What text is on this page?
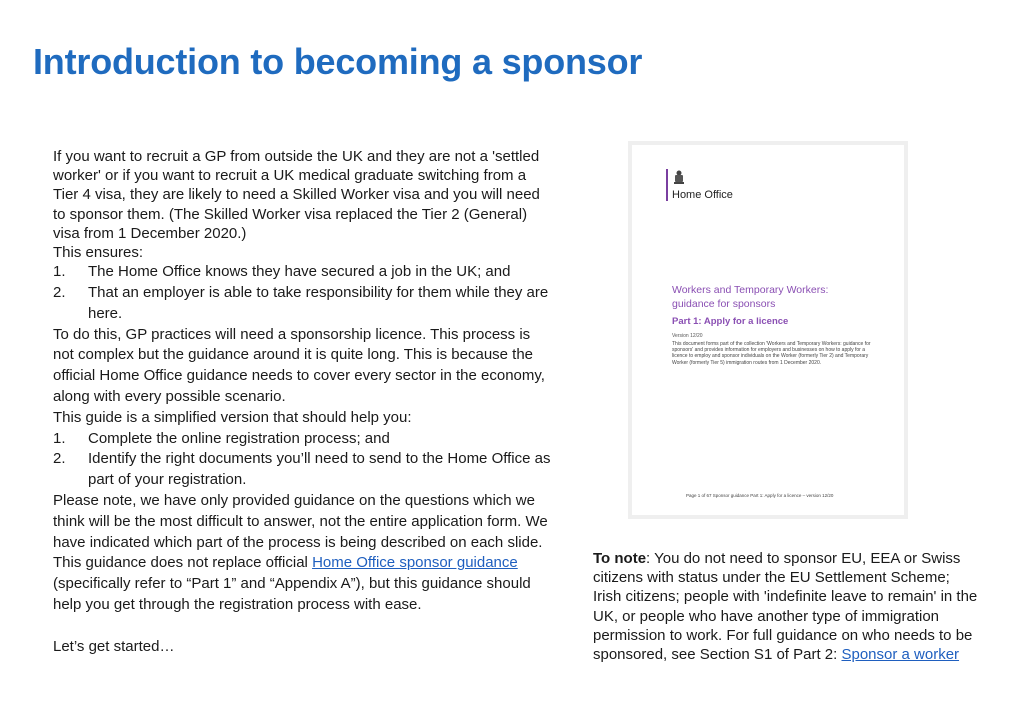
Introduction to becoming a sponsor

If you want to recruit a GP from outside the UK and they are not a 'settled worker' or if you want to recruit a UK medical graduate switching from a Tier 4 visa, they are likely to need a Skilled Worker visa and you will need to sponsor them. (The Skilled Worker visa replaced the Tier 2 (General) visa from 1 December 2020.)

This ensures:

1. The Home Office knows they have secured a job in the UK; and
2. That an employer is able to take responsibility for them while they are here.

To do this, GP practices will need a sponsorship licence. This process is not complex but the guidance around it is quite long. This is because the official Home Office guidance needs to cover every sector in the economy, along with every possible scenario.

This guide is a simplified version that should help you:

1. Complete the online registration process; and
2. Identify the right documents you’ll need to send to the Home Office as part of your registration.

Please note, we have only provided guidance on the questions which we think will be the most difficult to answer, not the entire application form. We have indicated which part of the process is being described on each slide.

This guidance does not replace official Home Office sponsor guidance (specifically refer to “Part 1” and “Appendix A”), but this guidance should help you get through the registration process with ease.

Let’s get started…

Home Office
Workers and Temporary Workers: guidance for sponsors
Part 1: Apply for a licence
Version 12/20
This document forms part of the collection 'Workers and Temporary Workers: guidance for sponsors' and provides information for employers and businesses on how to apply for a licence to employ and sponsor individuals on the Worker (formerly Tier 2) and Temporary Worker (formerly Tier 5) immigration routes from 1 December 2020.
Page 1 of 67 Sponsor guidance Part 1: Apply for a licence – version 12/20
To note: You do not need to sponsor EU, EEA or Swiss citizens with status under the EU Settlement Scheme; Irish citizens; people with 'indefinite leave to remain' in the UK, or people who have another type of immigration permission to work. For full guidance on who needs to be sponsored, see Section S1 of Part 2: Sponsor a worker
